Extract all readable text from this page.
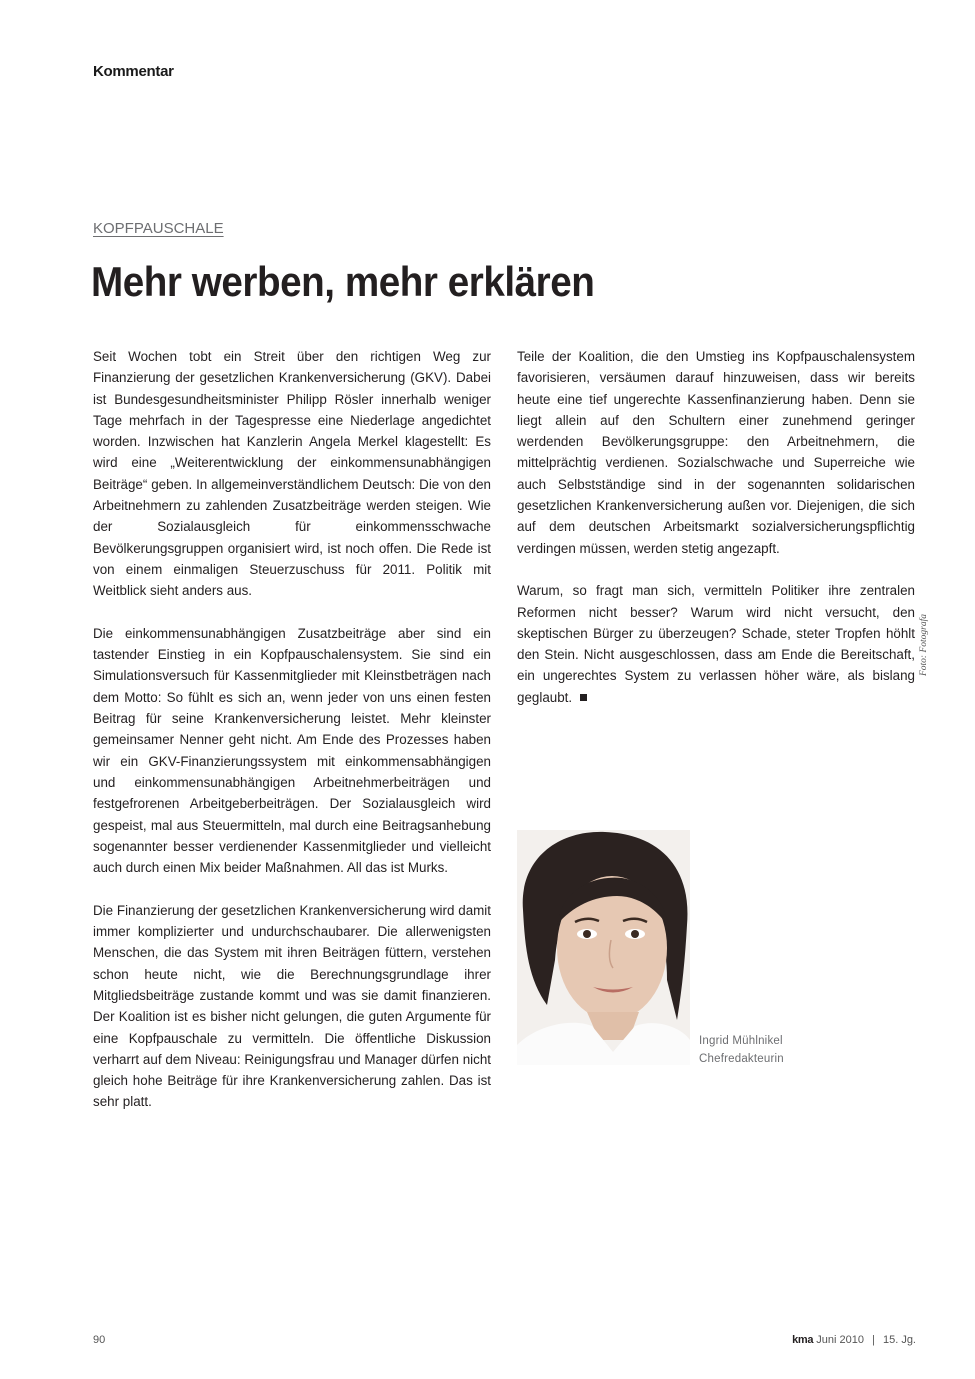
Kommentar
KOPFPAUSCHALE
Mehr werben, mehr erklären

Seit Wochen tobt ein Streit über den richtigen Weg zur Finanzierung der gesetzlichen Krankenversicherung (GKV). Dabei ist Bundesgesundheitsminister Philipp Rösler innerhalb weniger Tage mehrfach in der Tagespresse eine Niederlage angedichtet worden. Inzwischen hat Kanzlerin Angela Merkel klagestellt: Es wird eine „Weiterentwicklung der einkommensunabhängigen Beiträge“ geben. In allgemeinverständlichem Deutsch: Die von den Arbeitnehmern zu zahlenden Zusatzbeiträge werden steigen. Wie der Sozialausgleich für einkommensschwache Bevölkerungsgruppen organisiert wird, ist noch offen. Die Rede ist von einem einmaligen Steuerzuschuss für 2011. Politik mit Weitblick sieht anders aus.

Die einkommensunabhängigen Zusatzbeiträge aber sind ein tastender Einstieg in ein Kopfpauschalensystem. Sie sind ein Simulationsversuch für Kassenmitglieder mit Kleinstbeträgen nach dem Motto: So fühlt es sich an, wenn jeder von uns einen festen Beitrag für seine Krankenversicherung leistet. Mehr kleinster gemeinsamer Nenner geht nicht. Am Ende des Prozesses haben wir ein GKV-Finanzierungssystem mit einkommensabhängigen und einkommensunabhängigen Arbeitnehmerbeiträgen und festgefrorenen Arbeitgeberbeiträgen. Der Sozialausgleich wird gespeist, mal aus Steuermitteln, mal durch eine Beitragsanhebung sogenannter besser verdienender Kassenmitglieder und vielleicht auch durch einen Mix beider Maßnahmen. All das ist Murks.

Die Finanzierung der gesetzlichen Krankenversicherung wird damit immer komplizierter und undurchschaubarer. Die allerwenigsten Menschen, die das System mit ihren Beiträgen füttern, verstehen schon heute nicht, wie die Berechnungsgrundlage ihrer Mitgliedsbeiträge zustande kommt und was sie damit finanzieren. Der Koalition ist es bisher nicht gelungen, die guten Argumente für eine Kopfpauschale zu vermitteln. Die öffentliche Diskussion verharrt auf dem Niveau: Reinigungsfrau und Manager dürfen nicht gleich hohe Beiträge für ihre Krankenversicherung zahlen. Das ist sehr platt.

Teile der Koalition, die den Umstieg ins Kopfpauschalensystem favorisieren, versäumen darauf hinzuweisen, dass wir bereits heute eine tief ungerechte Kassenfinanzierung haben. Denn sie liegt allein auf den Schultern einer zunehmend geringer werdenden Bevölkerungsgruppe: den Arbeitnehmern, die mittelprächtig verdienen. Sozialschwache und Superreiche wie auch Selbstständige sind in der sogenannten solidarischen gesetzlichen Krankenversicherung außen vor. Diejenigen, die sich auf dem deutschen Arbeitsmarkt sozialversicherungspflichtig verdingen müssen, werden stetig angezapft.

Warum, so fragt man sich, vermitteln Politiker ihre zentralen Reformen nicht besser? Warum wird nicht versucht, den skeptischen Bürger zu überzeugen? Schade, steter Tropfen höhlt den Stein. Nicht ausgeschlossen, dass am Ende die Bereitschaft, ein ungerechtes System zu verlassen höher wäre, als bislang geglaubt.

Foto: Fotografa
Ingrid Mühlnikel
Chefredakteurin
90	kma Juni 2010 | 15. Jg.
